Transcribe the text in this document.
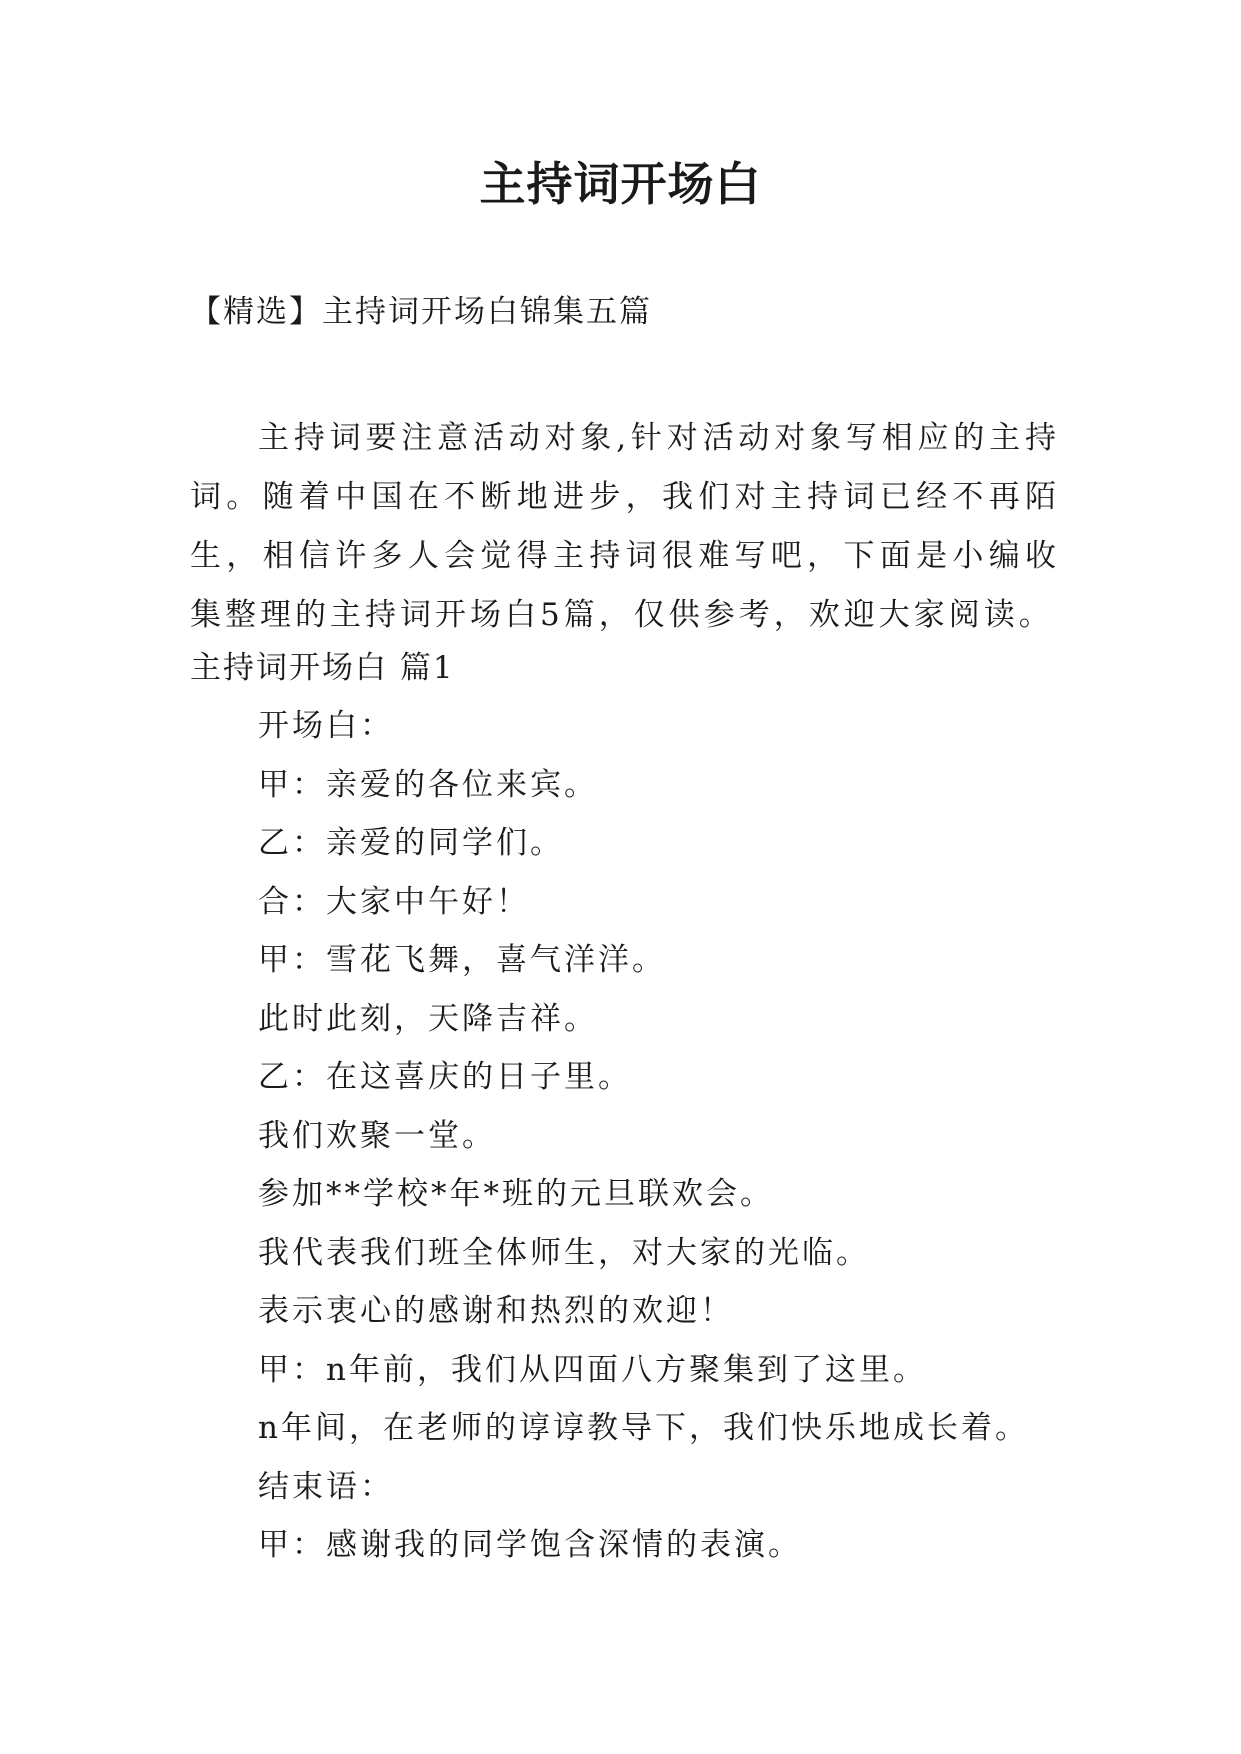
主持词开场白
【精选】主持词开场白锦集五篇

主持词要注意活动对象,针对活动对象写相应的主持词。随着中国在不断地进步，我们对主持词已经不再陌生，相信许多人会觉得主持词很难写吧，下面是小编收集整理的主持词开场白5篇，仅供参考，欢迎大家阅读。

主持词开场白 篇1
开场白：
甲：亲爱的各位来宾。
乙：亲爱的同学们。
合：大家中午好！
甲：雪花飞舞，喜气洋洋。
此时此刻，天降吉祥。
乙：在这喜庆的日子里。
我们欢聚一堂。
参加**学校*年*班的元旦联欢会。
我代表我们班全体师生，对大家的光临。
表示衷心的感谢和热烈的欢迎！
甲：n年前，我们从四面八方聚集到了这里。
n年间，在老师的谆谆教导下，我们快乐地成长着。
结束语：
甲：感谢我的同学饱含深情的表演。
